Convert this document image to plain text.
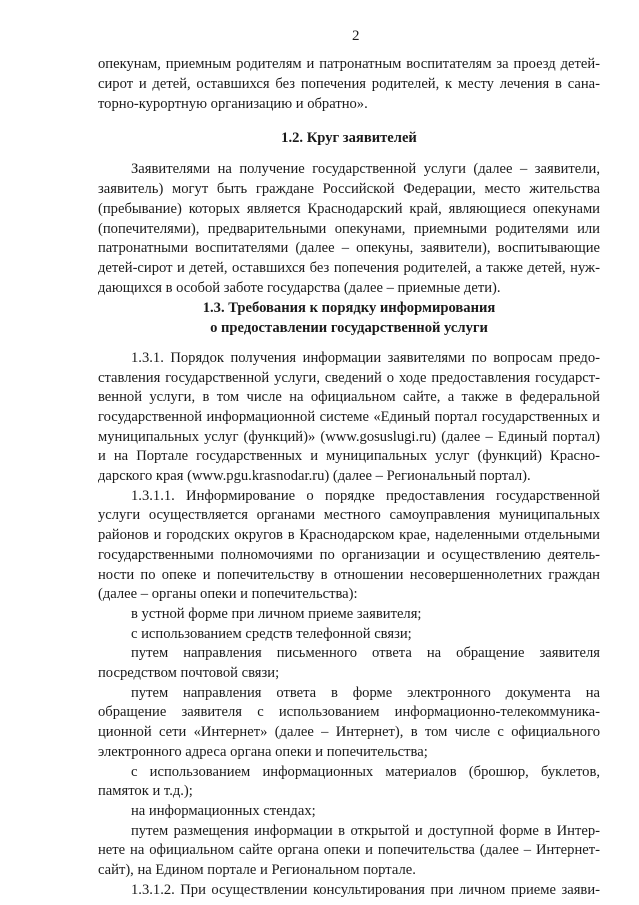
2
опекунам, приемным родителям и патронатным воспитателям за проезд детей-
сирот и детей, оставшихся без попечения родителей, к месту лечения в сана-
торно-курортную организацию и обратно».
1.2. Круг заявителей
Заявителями на получение государственной услуги (далее – заявители,
заявитель) могут быть граждане Российской Федерации, место жительства
(пребывание) которых является Краснодарский край, являющиеся опекунами
(попечителями), предварительными опекунами, приемными родителями или
патронатными воспитателями (далее – опекуны, заявители), воспитывающие
детей-сирот и детей, оставшихся без попечения родителей, а также детей, нуж-
дающихся в особой заботе государства (далее – приемные дети).
1.3. Требования к порядку информирования
о предоставлении государственной услуги
1.3.1. Порядок получения информации заявителями по вопросам предо-
ставления государственной услуги, сведений о ходе предоставления государст-
венной услуги, в том числе на официальном сайте, а также в федеральной
государственной информационной системе «Единый портал государственных и
муниципальных услуг (функций)» (www.gosuslugi.ru) (далее – Единый портал)
и на Портале государственных и муниципальных услуг (функций) Красно-
дарского края (www.pgu.krasnodar.ru) (далее – Региональный портал).
1.3.1.1. Информирование о порядке предоставления государственной
услуги осуществляется органами местного самоуправления муниципальных
районов и городских округов в Краснодарском крае, наделенными отдельными
государственными полномочиями по организации и осуществлению деятель-
ности по опеке и попечительству в отношении несовершеннолетних граждан
(далее – органы опеки и попечительства):
в устной форме при личном приеме заявителя;
с использованием средств телефонной связи;
путем направления письменного ответа на обращение заявителя
посредством почтовой связи;
путем направления ответа в форме электронного документа на
обращение заявителя с использованием информационно-телекоммуника-
ционной сети «Интернет» (далее – Интернет), в том числе с официального
электронного адреса органа опеки и попечительства;
с использованием информационных материалов (брошюр, буклетов,
памяток и т.д.);
на информационных стендах;
путем размещения информации в открытой и доступной форме в Интер-
нете на официальном сайте органа опеки и попечительства (далее – Интернет-
сайт), на Едином портале и Региональном портале.
1.3.1.2. При осуществлении консультирования при личном приеме заяви-
